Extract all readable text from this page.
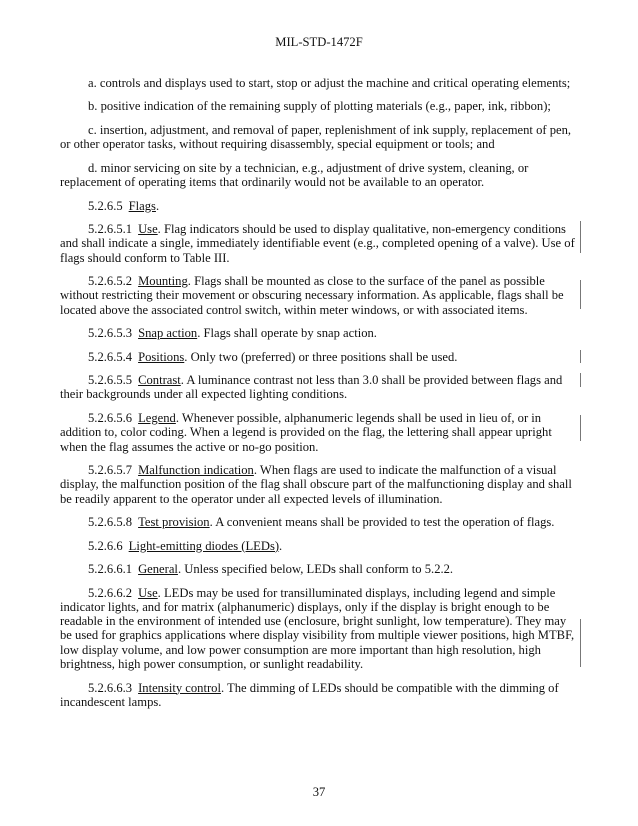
MIL-STD-1472F

a. controls and displays used to start, stop or adjust the machine and critical operating elements;

b. positive indication of the remaining supply of plotting materials (e.g., paper, ink, ribbon);

c. insertion, adjustment, and removal of paper, replenishment of ink supply, replacement of pen, or other operator tasks, without requiring disassembly, special equipment or tools; and

d. minor servicing on site by a technician, e.g., adjustment of drive system, cleaning, or replacement of operating items that ordinarily would not be available to an operator.

5.2.6.5 Flags.

5.2.6.5.1 Use. Flag indicators should be used to display qualitative, non-emergency conditions and shall indicate a single, immediately identifiable event (e.g., completed opening of a valve). Use of flags should conform to Table III.

5.2.6.5.2 Mounting. Flags shall be mounted as close to the surface of the panel as possible without restricting their movement or obscuring necessary information. As applicable, flags shall be located above the associated control switch, within meter windows, or with associated items.

5.2.6.5.3 Snap action. Flags shall operate by snap action.

5.2.6.5.4 Positions. Only two (preferred) or three positions shall be used.

5.2.6.5.5 Contrast. A luminance contrast not less than 3.0 shall be provided between flags and their backgrounds under all expected lighting conditions.

5.2.6.5.6 Legend. Whenever possible, alphanumeric legends shall be used in lieu of, or in addition to, color coding. When a legend is provided on the flag, the lettering shall appear upright when the flag assumes the active or no-go position.

5.2.6.5.7 Malfunction indication. When flags are used to indicate the malfunction of a visual display, the malfunction position of the flag shall obscure part of the malfunctioning display and shall be readily apparent to the operator under all expected levels of illumination.

5.2.6.5.8 Test provision. A convenient means shall be provided to test the operation of flags.

5.2.6.6 Light-emitting diodes (LEDs).

5.2.6.6.1 General. Unless specified below, LEDs shall conform to 5.2.2.

5.2.6.6.2 Use. LEDs may be used for transilluminated displays, including legend and simple indicator lights, and for matrix (alphanumeric) displays, only if the display is bright enough to be readable in the environment of intended use (enclosure, bright sunlight, low temperature). They may be used for graphics applications where display visibility from multiple viewer positions, high MTBF, low display volume, and low power consumption are more important than high resolution, high brightness, high power consumption, or sunlight readability.

5.2.6.6.3 Intensity control. The dimming of LEDs should be compatible with the dimming of incandescent lamps.

37
